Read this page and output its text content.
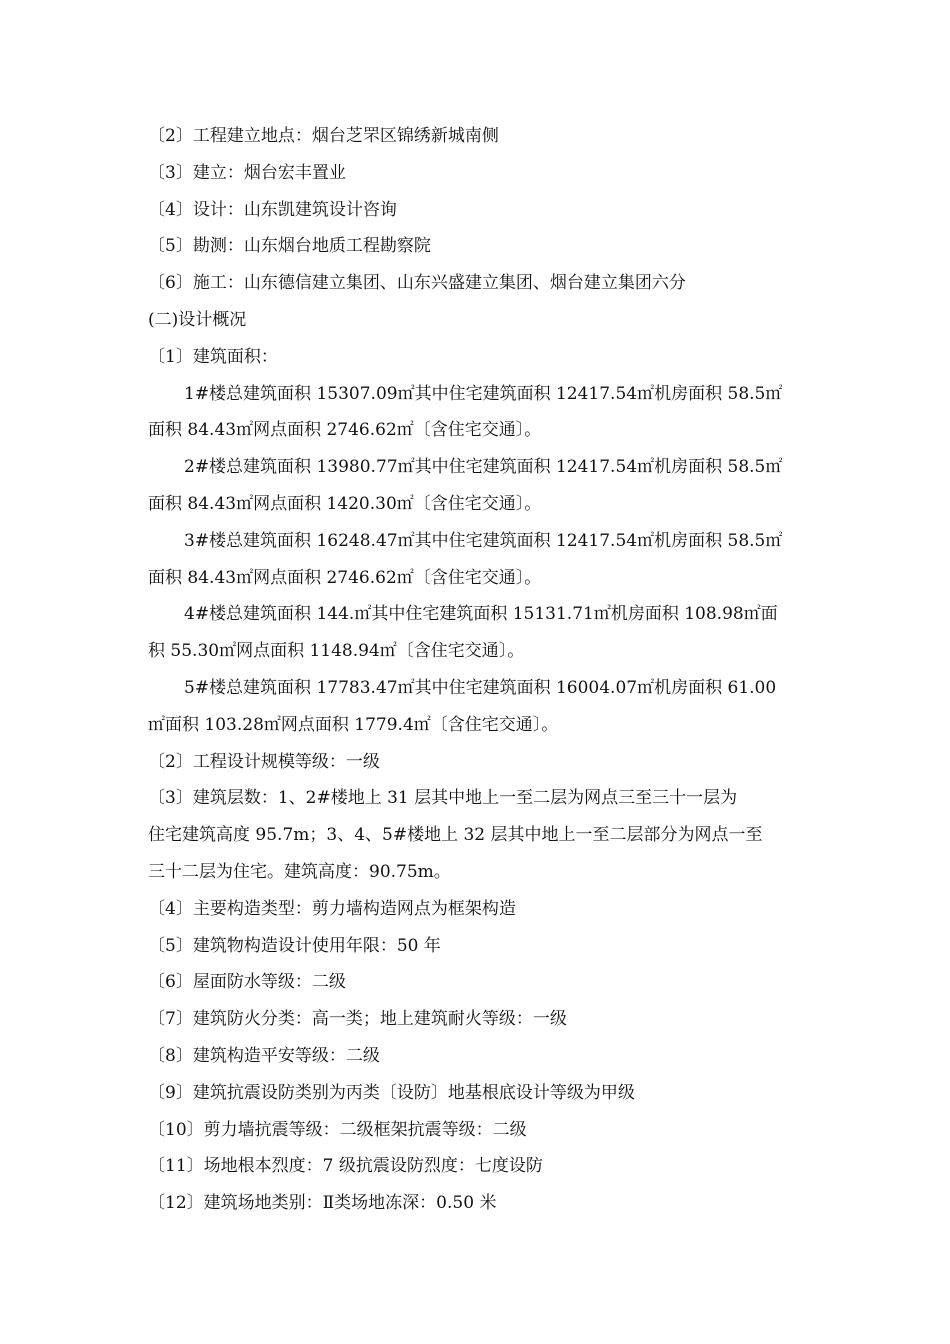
〔2〕工程建立地点：烟台芝罘区锦绣新城南侧
〔3〕建立：烟台宏丰置业
〔4〕设计：山东凯建筑设计咨询
〔5〕勘测：山东烟台地质工程勘察院
〔6〕施工：山东德信建立集团、山东兴盛建立集团、烟台建立集团六分
(二)设计概况
〔1〕建筑面积：
1#楼总建筑面积 15307.09㎡其中住宅建筑面积 12417.54㎡机房面积 58.5㎡
面积 84.43㎡网点面积 2746.62㎡〔含住宅交通〕。
2#楼总建筑面积 13980.77㎡其中住宅建筑面积 12417.54㎡机房面积 58.5㎡
面积 84.43㎡网点面积 1420.30㎡〔含住宅交通〕。
3#楼总建筑面积 16248.47㎡其中住宅建筑面积 12417.54㎡机房面积 58.5㎡
面积 84.43㎡网点面积 2746.62㎡〔含住宅交通〕。
4#楼总建筑面积 144.㎡其中住宅建筑面积 15131.71㎡机房面积 108.98㎡面
积 55.30㎡网点面积 1148.94㎡〔含住宅交通〕。
5#楼总建筑面积 17783.47㎡其中住宅建筑面积 16004.07㎡机房面积 61.00
㎡面积 103.28㎡网点面积 1779.4㎡〔含住宅交通〕。
〔2〕工程设计规模等级：一级
〔3〕建筑层数：1、2#楼地上 31 层其中地上一至二层为网点三至三十一层为
住宅建筑高度 95.7m；3、4、5#楼地上 32 层其中地上一至二层部分为网点一至
三十二层为住宅。建筑高度：90.75m。
〔4〕主要构造类型：剪力墙构造网点为框架构造
〔5〕建筑物构造设计使用年限：50 年
〔6〕屋面防水等级：二级
〔7〕建筑防火分类：高一类；地上建筑耐火等级：一级
〔8〕建筑构造平安等级：二级
〔9〕建筑抗震设防类别为丙类〔设防〕地基根底设计等级为甲级
〔10〕剪力墙抗震等级：二级框架抗震等级：二级
〔11〕场地根本烈度：7 级抗震设防烈度：七度设防
〔12〕建筑场地类别：Ⅱ类场地冻深：0.50 米
